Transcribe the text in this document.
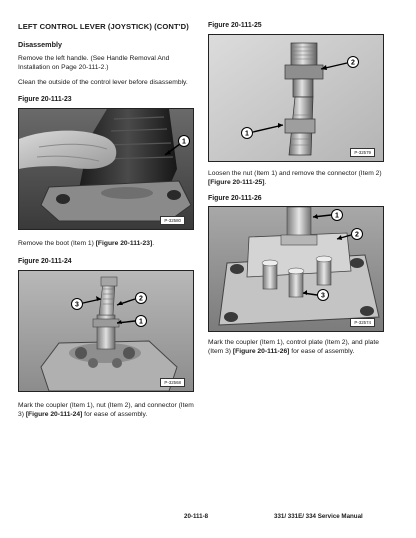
LEFT CONTROL LEVER (JOYSTICK) (CONT'D)
Disassembly
Remove the left handle. (See Handle Removal And Installation on Page 20-111-2.)
Clean the outside of the control lever before disassembly.
Figure 20-111-23
1
P-32580
Remove the boot (Item 1) [Figure 20-111-23].
Figure 20-111-24
3
2
1
P-32568
Mark the coupler (Item 1), nut (Item 2), and connector (Item 3) [Figure 20-111-24] for ease of assembly.
Figure 20-111-25
2
1
P-32579
Loosen the nut (Item 1) and remove the connector (Item 2) [Figure 20-111-25].
Figure 20-111-26
1
2
3
P-32574
Mark the coupler (Item 1), control plate (Item 2), and plate (Item 3) [Figure 20-111-26] for ease of assembly.
20-111-8	331/ 331E/ 334 Service Manual
